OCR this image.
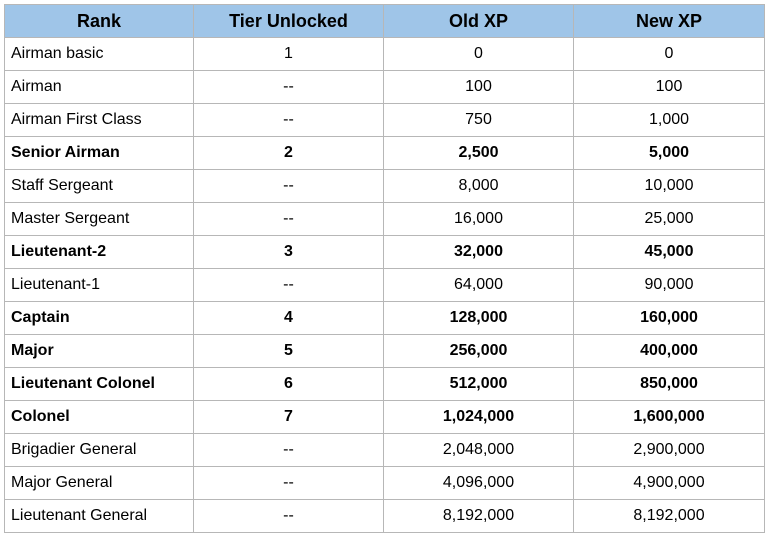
Rank	Tier Unlocked	Old XP	New XP
Airman basic	1	0	0
Airman	--	100	100
Airman First Class	--	750	1,000
Senior Airman	2	2,500	5,000
Staff Sergeant	--	8,000	10,000
Master Sergeant	--	16,000	25,000
Lieutenant-2	3	32,000	45,000
Lieutenant-1	--	64,000	90,000
Captain	4	128,000	160,000
Major	5	256,000	400,000
Lieutenant Colonel	6	512,000	850,000
Colonel	7	1,024,000	1,600,000
Brigadier General	--	2,048,000	2,900,000
Major General	--	4,096,000	4,900,000
Lieutenant General	--	8,192,000	8,192,000
